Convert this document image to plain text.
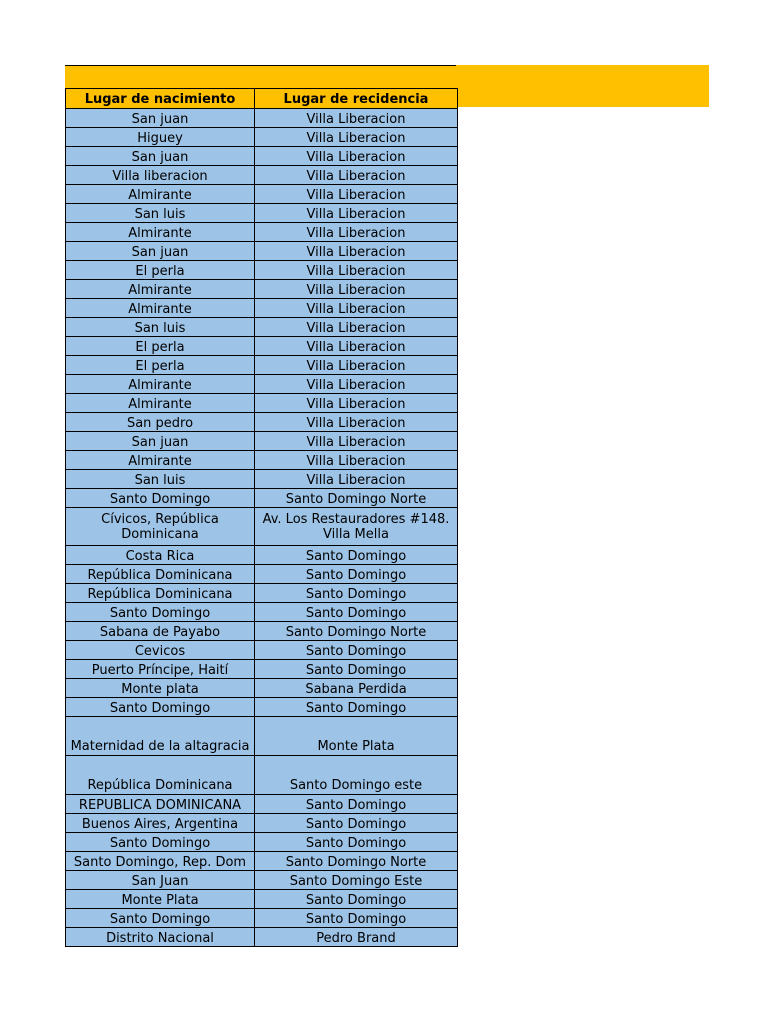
Lugar de nacimiento	Lugar de recidencia
San juan	Villa Liberacion
Higuey	Villa Liberacion
San juan	Villa Liberacion
Villa liberacion	Villa Liberacion
Almirante	Villa Liberacion
San luis	Villa Liberacion
Almirante	Villa Liberacion
San juan	Villa Liberacion
El perla	Villa Liberacion
Almirante	Villa Liberacion
Almirante	Villa Liberacion
San luis	Villa Liberacion
El perla	Villa Liberacion
El perla	Villa Liberacion
Almirante	Villa Liberacion
Almirante	Villa Liberacion
San pedro	Villa Liberacion
San juan	Villa Liberacion
Almirante	Villa Liberacion
San luis	Villa Liberacion
Santo Domingo	Santo Domingo Norte
Cívicos, República Dominicana	Av. Los Restauradores #148. Villa Mella
Costa Rica	Santo Domingo
República Dominicana	Santo Domingo
República Dominicana	Santo Domingo
Santo Domingo	Santo Domingo
Sabana de Payabo	Santo Domingo Norte
Cevicos	Santo Domingo
Puerto Príncipe, Haití	Santo Domingo
Monte plata	Sabana Perdida
Santo Domingo	Santo Domingo
Maternidad de la altagracia	Monte Plata
República Dominicana	Santo Domingo este
REPUBLICA DOMINICANA	Santo Domingo
Buenos Aires, Argentina	Santo Domingo
Santo Domingo	Santo Domingo
Santo Domingo, Rep. Dom	Santo Domingo Norte
San Juan	Santo Domingo Este
Monte Plata	Santo Domingo
Santo Domingo	Santo Domingo
Distrito Nacional	Pedro Brand
